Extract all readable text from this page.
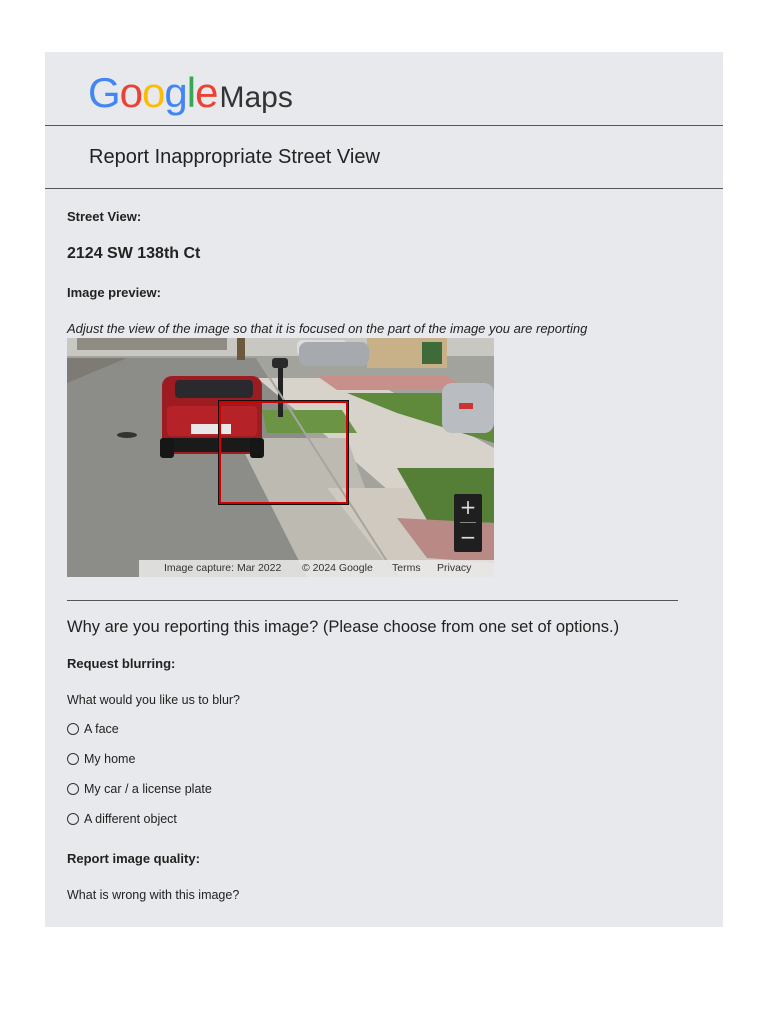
GoogleMaps
Report Inappropriate Street View
Street View:
2124 SW 138th Ct
Image preview:
Adjust the view of the image so that it is focused on the part of the image you are reporting
+
−
Image capture: Mar 2022 © 2024 Google Terms Privacy
Why are you reporting this image? (Please choose from one set of options.)
Request blurring:
What would you like us to blur?
A face
My home
My car / a license plate
A different object
Report image quality:
What is wrong with this image?
